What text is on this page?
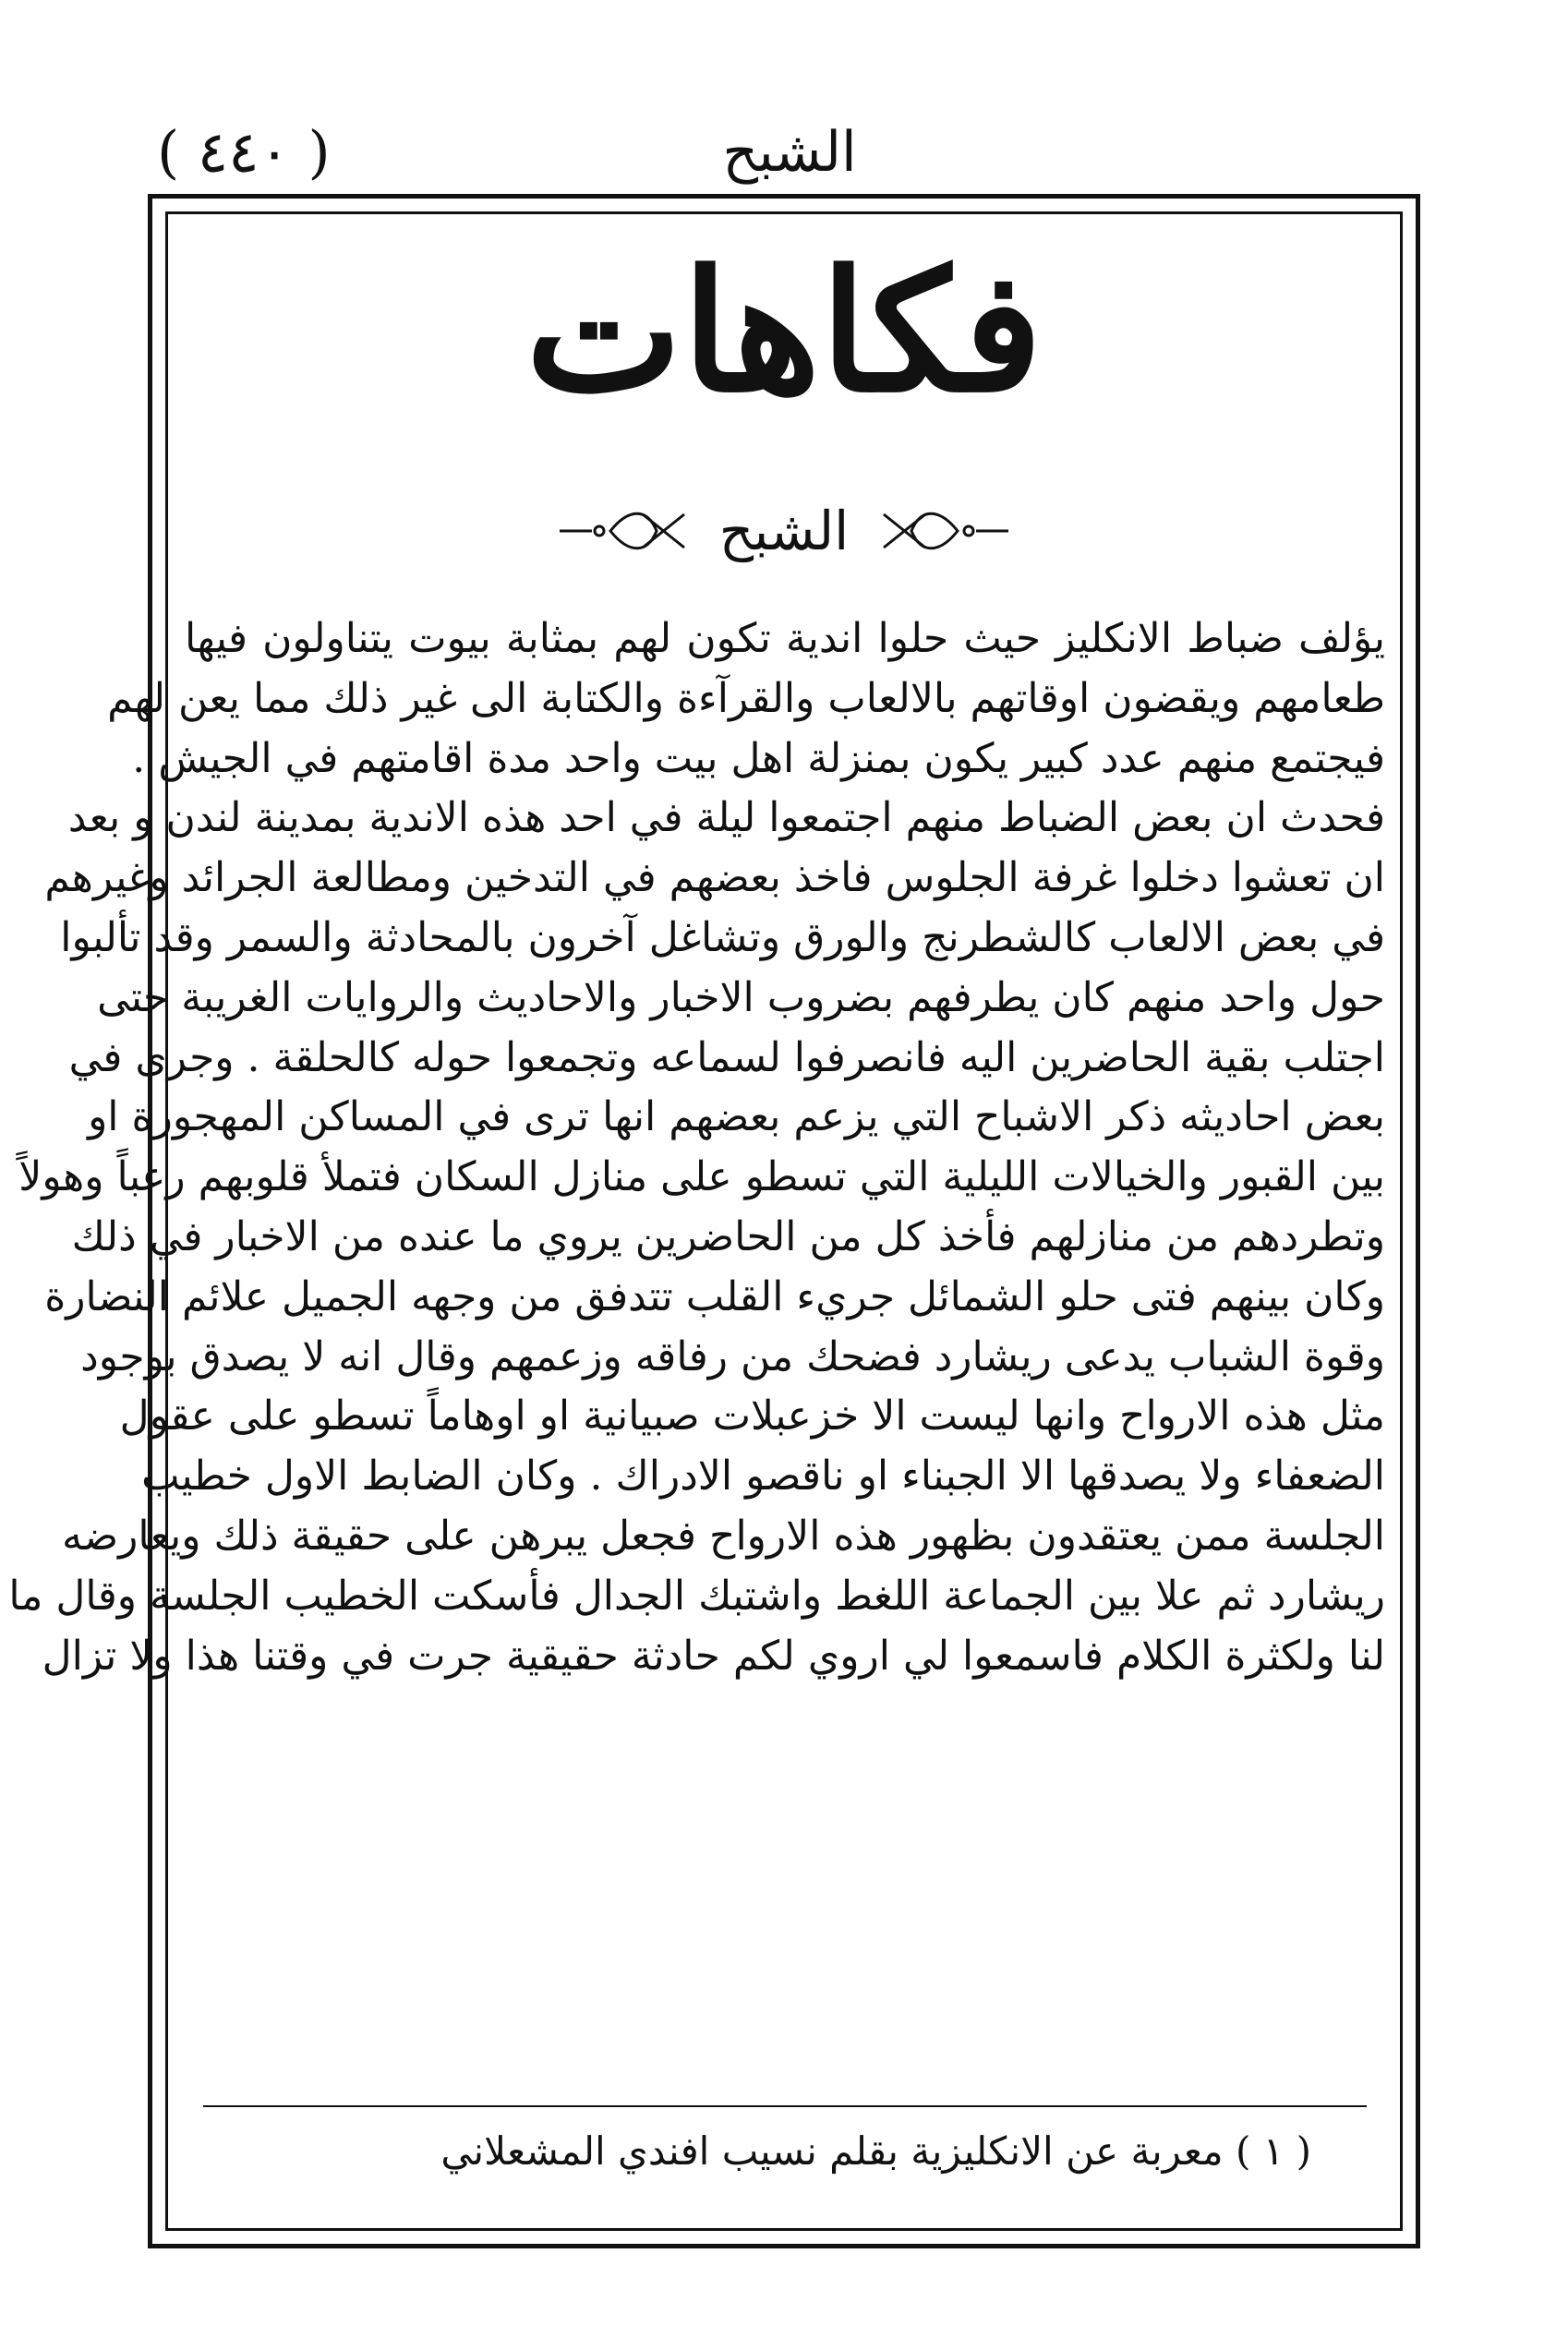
( ٤٤٠ )	الشبح
فكاهات
الشبح
يؤلف ضباط الانكليز حيث حلوا اندية تكون لهم بمثابة بيوت يتناولون فيها
طعامهم ويقضون اوقاتهم بالالعاب والقرآءة والكتابة الى غير ذلك مما يعن لهم
فيجتمع منهم عدد كبير يكون بمنزلة اهل بيت واحد مدة اقامتهم في الجيش .
فحدث ان بعض الضباط منهم اجتمعوا ليلة في احد هذه الاندية بمدينة لندن و بعد
ان تعشوا دخلوا غرفة الجلوس فاخذ بعضهم في التدخين ومطالعة الجرائد وغيرهم
في بعض الالعاب كالشطرنج والورق وتشاغل آخرون بالمحادثة والسمر وقد تألبوا
حول واحد منهم كان يطرفهم بضروب الاخبار والاحاديث والروايات الغريبة حتى
اجتلب بقية الحاضرين اليه فانصرفوا لسماعه وتجمعوا حوله كالحلقة . وجرى في
بعض احاديثه ذكر الاشباح التي يزعم بعضهم انها ترى في المساكن المهجورة او
بين القبور والخيالات الليلية التي تسطو على منازل السكان فتملأ قلوبهم رعباً وهولاً
وتطردهم من منازلهم فأخذ كل من الحاضرين يروي ما عنده من الاخبار في ذلك
وكان بينهم فتى حلو الشمائل جريء القلب تتدفق من وجهه الجميل علائم النضارة
وقوة الشباب يدعى ريشارد فضحك من رفاقه وزعمهم وقال انه لا يصدق بوجود
مثل هذه الارواح وانها ليست الا خزعبلات صبيانية او اوهاماً تسطو على عقول
الضعفاء ولا يصدقها الا الجبناء او ناقصو الادراك . وكان الضابط الاول خطيب
الجلسة ممن يعتقدون بظهور هذه الارواح فجعل يبرهن على حقيقة ذلك ويعارضه
ريشارد ثم علا بين الجماعة اللغط واشتبك الجدال فأسكت الخطيب الجلسة وقال ما
لنا ولكثرة الكلام فاسمعوا لي اروي لكم حادثة حقيقية جرت في وقتنا هذا ولا تزال
( ١ ) معربة عن الانكليزية بقلم نسيب افندي المشعلاني
